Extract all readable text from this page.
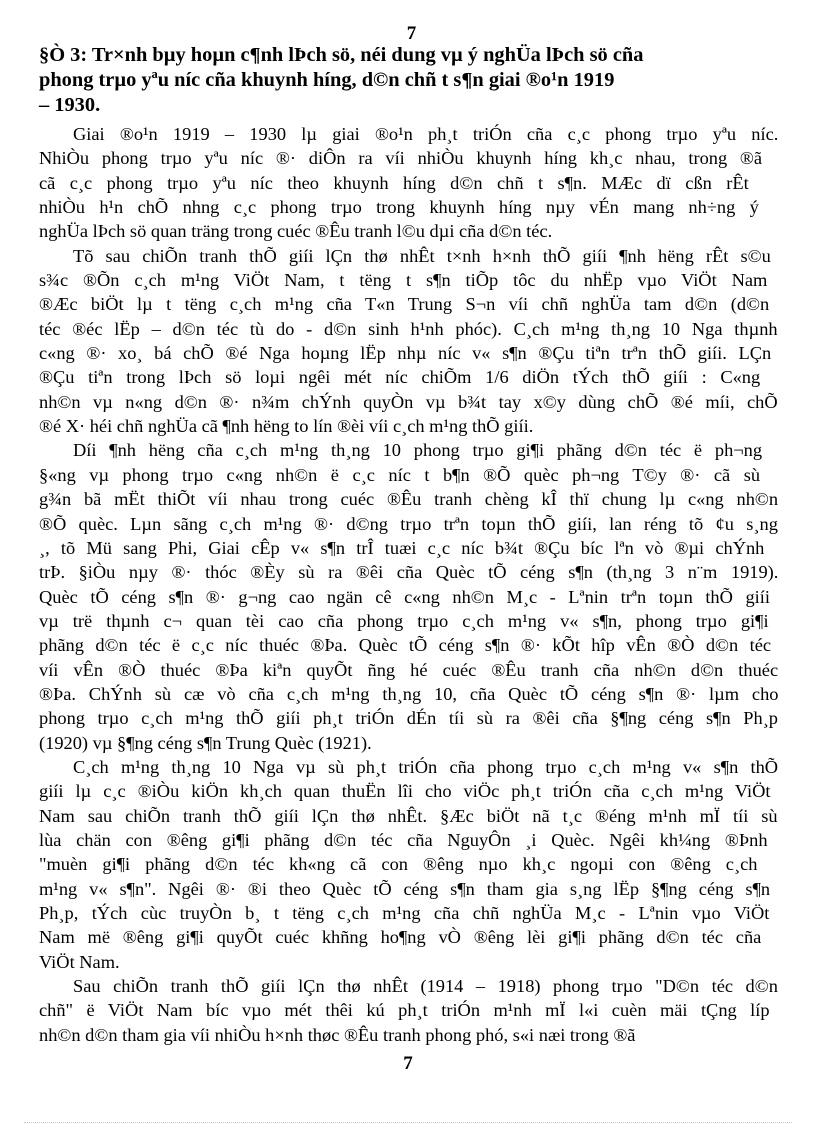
7
§Ò 3: Tr×nh bµy hoµn c¶nh lÞch sö, néi dung vµ ý nghÜa lÞch sö cña
phong trµo yªu níc cña khuynh híng, d©n chñ t s¶n giai ®o¹n 1919
– 1930.
Giai ®o¹n 1919 – 1930 lµ giai ®o¹n ph¸t triÓn cña c¸c phong trµo yªu níc.
NhiÒu phong trµo yªu níc ®· diÔn ra víi nhiÒu khuynh híng kh¸c nhau, trong ®ã
cã c¸c phong trµo yªu níc theo khuynh híng d©n chñ t s¶n. MÆc dï cßn rÊt
nhiÒu h¹n chÕ nhng c¸c phong trµo trong khuynh híng nµy vÉn mang nh÷ng ý
nghÜa lÞch sö quan träng trong cuéc ®Êu tranh l©u dµi cña d©n téc.
Tõ sau chiÕn tranh thÕ giíi lÇn thø nhÊt t×nh h×nh thÕ giíi ¶nh hëng rÊt s©u
s¾c ®Õn c¸ch m¹ng ViÖt Nam, t tëng t s¶n tiÕp tôc du nhËp vµo ViÖt Nam
®Æc biÖt lµ t tëng c¸ch m¹ng cña T«n Trung S¬n víi chñ nghÜa tam d©n (d©n
téc ®éc lËp – d©n téc tù do - d©n sinh h¹nh phóc). C¸ch m¹ng th¸ng 10 Nga thµnh
c«ng ®· xo¸ bá chÕ ®é Nga hoµng lËp nhµ níc v« s¶n ®Çu tiªn trªn thÕ giíi. LÇn
®Çu tiªn trong lÞch sö loµi ngêi mét níc chiÕm 1/6 diÖn tÝch thÕ giíi : C«ng
nh©n vµ n«ng d©n ®· n¾m chÝnh quyÒn vµ b¾t tay x©y dùng chÕ ®é míi, chÕ
®é X· héi chñ nghÜa cã ¶nh hëng to lín ®èi víi c¸ch m¹ng thÕ giíi.
Díi ¶nh hëng cña c¸ch m¹ng th¸ng 10 phong trµo gi¶i phãng d©n téc ë ph¬ng
§«ng vµ phong trµo c«ng nh©n ë c¸c níc t b¶n ®Õ quèc ph¬ng T©y ®· cã sù
g¾n bã mËt thiÕt víi nhau trong cuéc ®Êu tranh chèng kÎ thï chung lµ c«ng nh©n
®Õ quèc. Lµn sãng c¸ch m¹ng ®· d©ng trµo trªn toµn thÕ giíi, lan réng tõ ¢u s¸ng
¸, tõ Mü sang Phi, Giai cÊp v« s¶n trÎ tuæi c¸c níc b¾t ®Çu bíc lªn vò ®µi chÝnh
trÞ. §iÒu nµy ®· thóc ®Èy sù ra ®êi cña Quèc tÕ céng s¶n (th¸ng 3 n¨m 1919).
Quèc tÕ céng s¶n ®· g¬ng cao ngän cê c«ng nh©n M¸c - Lªnin trªn toµn thÕ giíi
vµ trë thµnh c¬ quan tèi cao cña phong trµo c¸ch m¹ng v« s¶n, phong trµo gi¶i
phãng d©n téc ë c¸c níc thuéc ®Þa. Quèc tÕ céng s¶n ®· kÕt hîp vÊn ®Ò d©n téc
víi vÊn ®Ò thuéc ®Þa kiªn quyÕt ñng hé cuéc ®Êu tranh cña nh©n d©n thuéc
®Þa. ChÝnh sù cæ vò cña c¸ch m¹ng th¸ng 10, cña Quèc tÕ céng s¶n ®· lµm cho
phong trµo c¸ch m¹ng thÕ giíi ph¸t triÓn dÉn tíi sù ra ®êi cña §¶ng céng s¶n Ph¸p
(1920) vµ §¶ng céng s¶n Trung Quèc (1921).
C¸ch m¹ng th¸ng 10 Nga vµ sù ph¸t triÓn cña phong trµo c¸ch m¹ng v« s¶n thÕ
giíi lµ c¸c ®iÒu kiÖn kh¸ch quan thuËn lîi cho viÖc ph¸t triÓn cña c¸ch m¹ng ViÖt
Nam sau chiÕn tranh thÕ giíi lÇn thø nhÊt. §Æc biÖt nã t¸c ®éng m¹nh mÏ tíi sù
lùa chän con ®êng gi¶i phãng d©n téc cña NguyÔn ¸i Quèc. Ngêi kh¼ng ®Þnh
"muèn gi¶i phãng d©n téc kh«ng cã con ®êng nµo kh¸c ngoµi con ®êng c¸ch
m¹ng v« s¶n". Ngêi ®· ®i theo Quèc tÕ céng s¶n tham gia s¸ng lËp §¶ng céng s¶n
Ph¸p, tÝch cùc truyÒn b¸ t tëng c¸ch m¹ng cña chñ nghÜa M¸c - Lªnin vµo ViÖt
Nam më ®êng gi¶i quyÕt cuéc khñng ho¶ng vÒ ®êng lèi gi¶i phãng d©n téc cña
ViÖt Nam.
Sau chiÕn tranh thÕ giíi lÇn thø nhÊt (1914 – 1918) phong trµo "D©n téc d©n
chñ" ë ViÖt Nam bíc vµo mét thêi kú ph¸t triÓn m¹nh mÏ l«i cuèn mäi tÇng líp
nh©n d©n tham gia víi nhiÒu h×nh thøc ®Êu tranh phong phó, s«i næi trong ®ã
7
